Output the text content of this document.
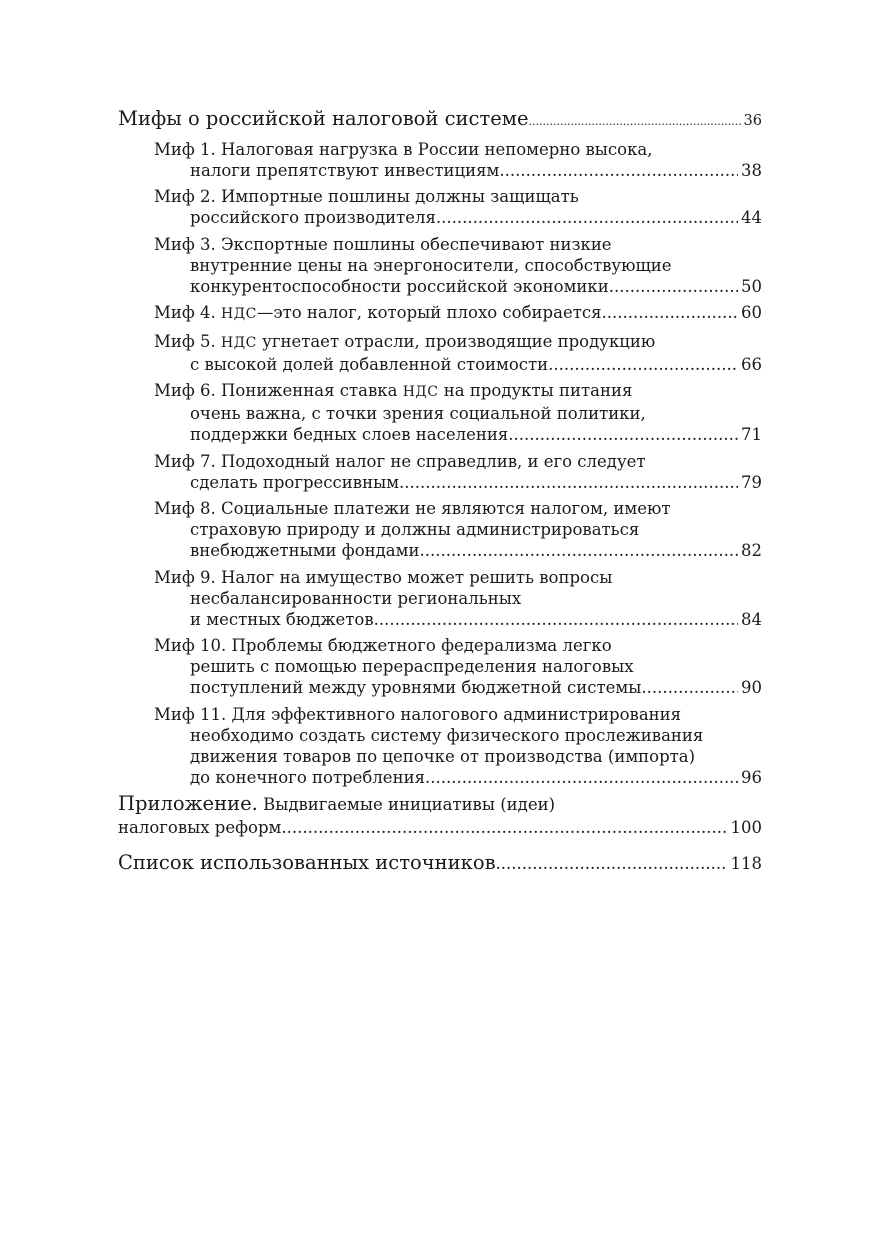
Мифы о российской налоговой системе .....	36
Миф 1. Налоговая нагрузка в России непомерно высока,
налоги препятствуют инвестициям .....	38
Миф 2. Импортные пошлины должны защищать
российского производителя .....	44
Миф 3. Экспортные пошлины обеспечивают низкие
внутренние цены на энергоносители, способствующие
конкурентоспособности российской экономики .....	50
Миф 4. НДС—это налог, который плохо собирается .....	60
Миф 5. НДС угнетает отрасли, производящие продукцию
с высокой долей добавленной стоимости .....	66
Миф 6. Пониженная ставка НДС на продукты питания
очень важна, с точки зрения социальной политики,
поддержки бедных слоев населения .....	71
Миф 7. Подоходный налог не справедлив, и его следует
сделать прогрессивным .....	79
Миф 8. Социальные платежи не являются налогом, имеют
страховую природу и должны администрироваться
внебюджетными фондами .....	82
Миф 9. Налог на имущество может решить вопросы
несбалансированности региональных
и местных бюджетов .....	84
Миф 10. Проблемы бюджетного федерализма легко
решить с помощью перераспределения налоговых
поступлений между уровнями бюджетной системы .....	90
Миф 11. Для эффективного налогового администрирования
необходимо создать систему физического прослеживания
движения товаров по цепочке от производства (импорта)
до конечного потребления .....	96
Приложение. Выдвигаемые инициативы (идеи)
налоговых реформ .....	100
Список использованных источников .....	118
